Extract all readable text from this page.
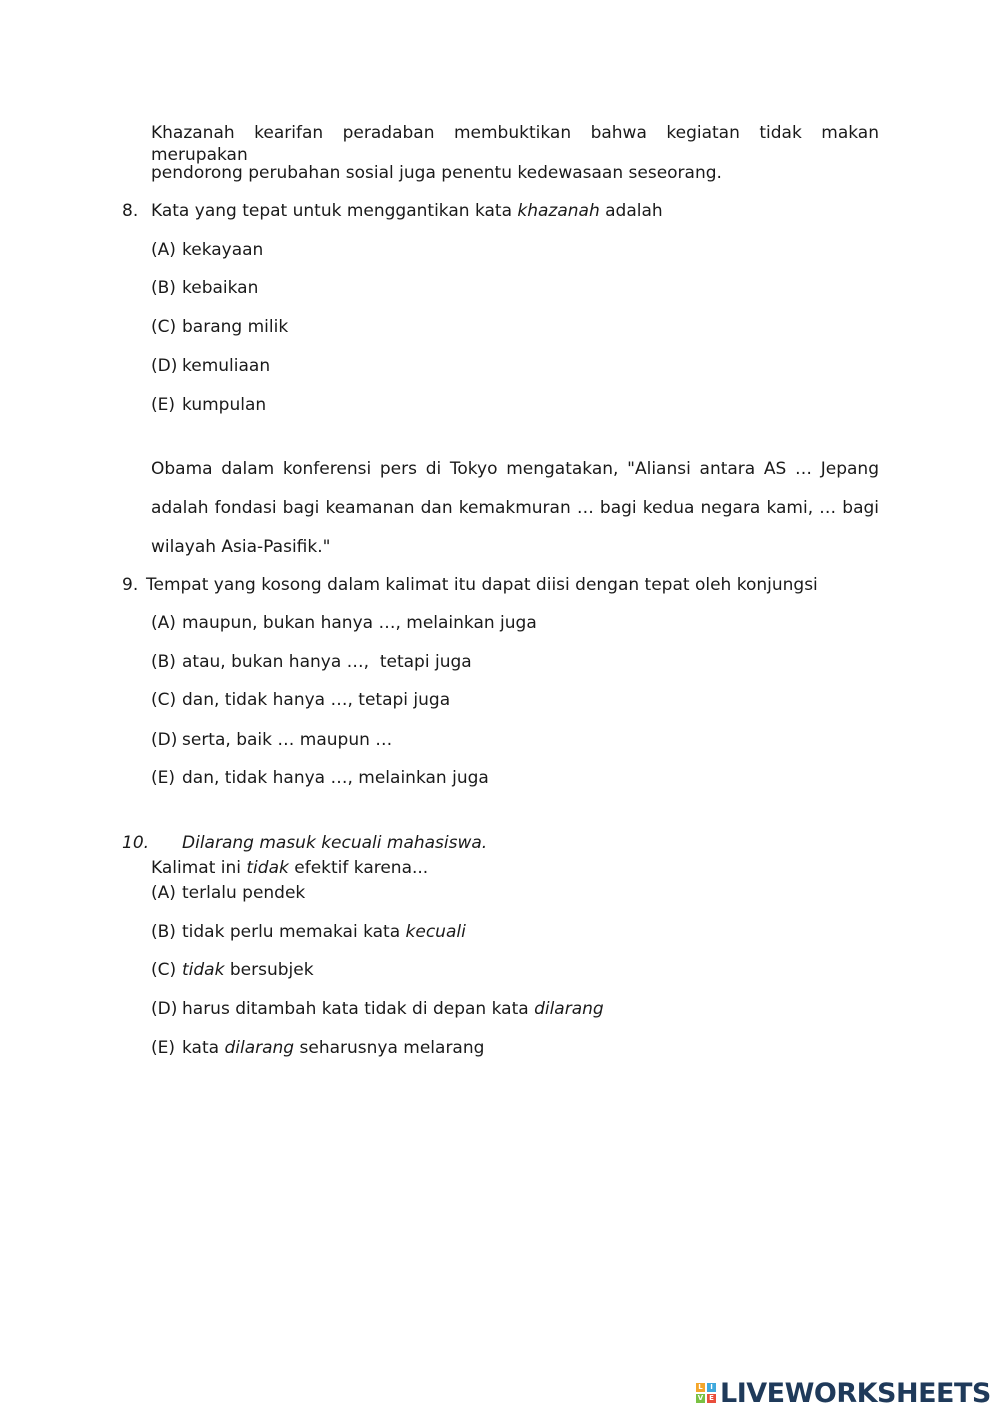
Khazanah kearifan peradaban membuktikan bahwa kegiatan tidak makan merupakan
pendorong perubahan sosial juga penentu kedewasaan seseorang.
8. Kata yang tepat untuk menggantikan kata khazanah adalah
(A) kekayaan
(B) kebaikan
(C) barang milik
(D) kemuliaan
(E) kumpulan
Obama dalam konferensi pers di Tokyo mengatakan, "Aliansi antara AS … Jepang
adalah fondasi bagi keamanan dan kemakmuran … bagi kedua negara kami, … bagi
wilayah Asia-Pasifik."
9. Tempat yang kosong dalam kalimat itu dapat diisi dengan tepat oleh konjungsi
(A) maupun, bukan hanya …, melainkan juga
(B) atau, bukan hanya …,  tetapi juga
(C) dan, tidak hanya …, tetapi juga
(D) serta, baik … maupun …
(E) dan, tidak hanya …, melainkan juga
10. Dilarang masuk kecuali mahasiswa.
Kalimat ini tidak efektif karena...
(A) terlalu pendek
(B) tidak perlu memakai kata kecuali
(C) tidak bersubjek
(D) harus ditambah kata tidak di depan kata dilarang
(E) kata dilarang seharusnya melarang
L	I
V E LIVEWORKSHEETS
